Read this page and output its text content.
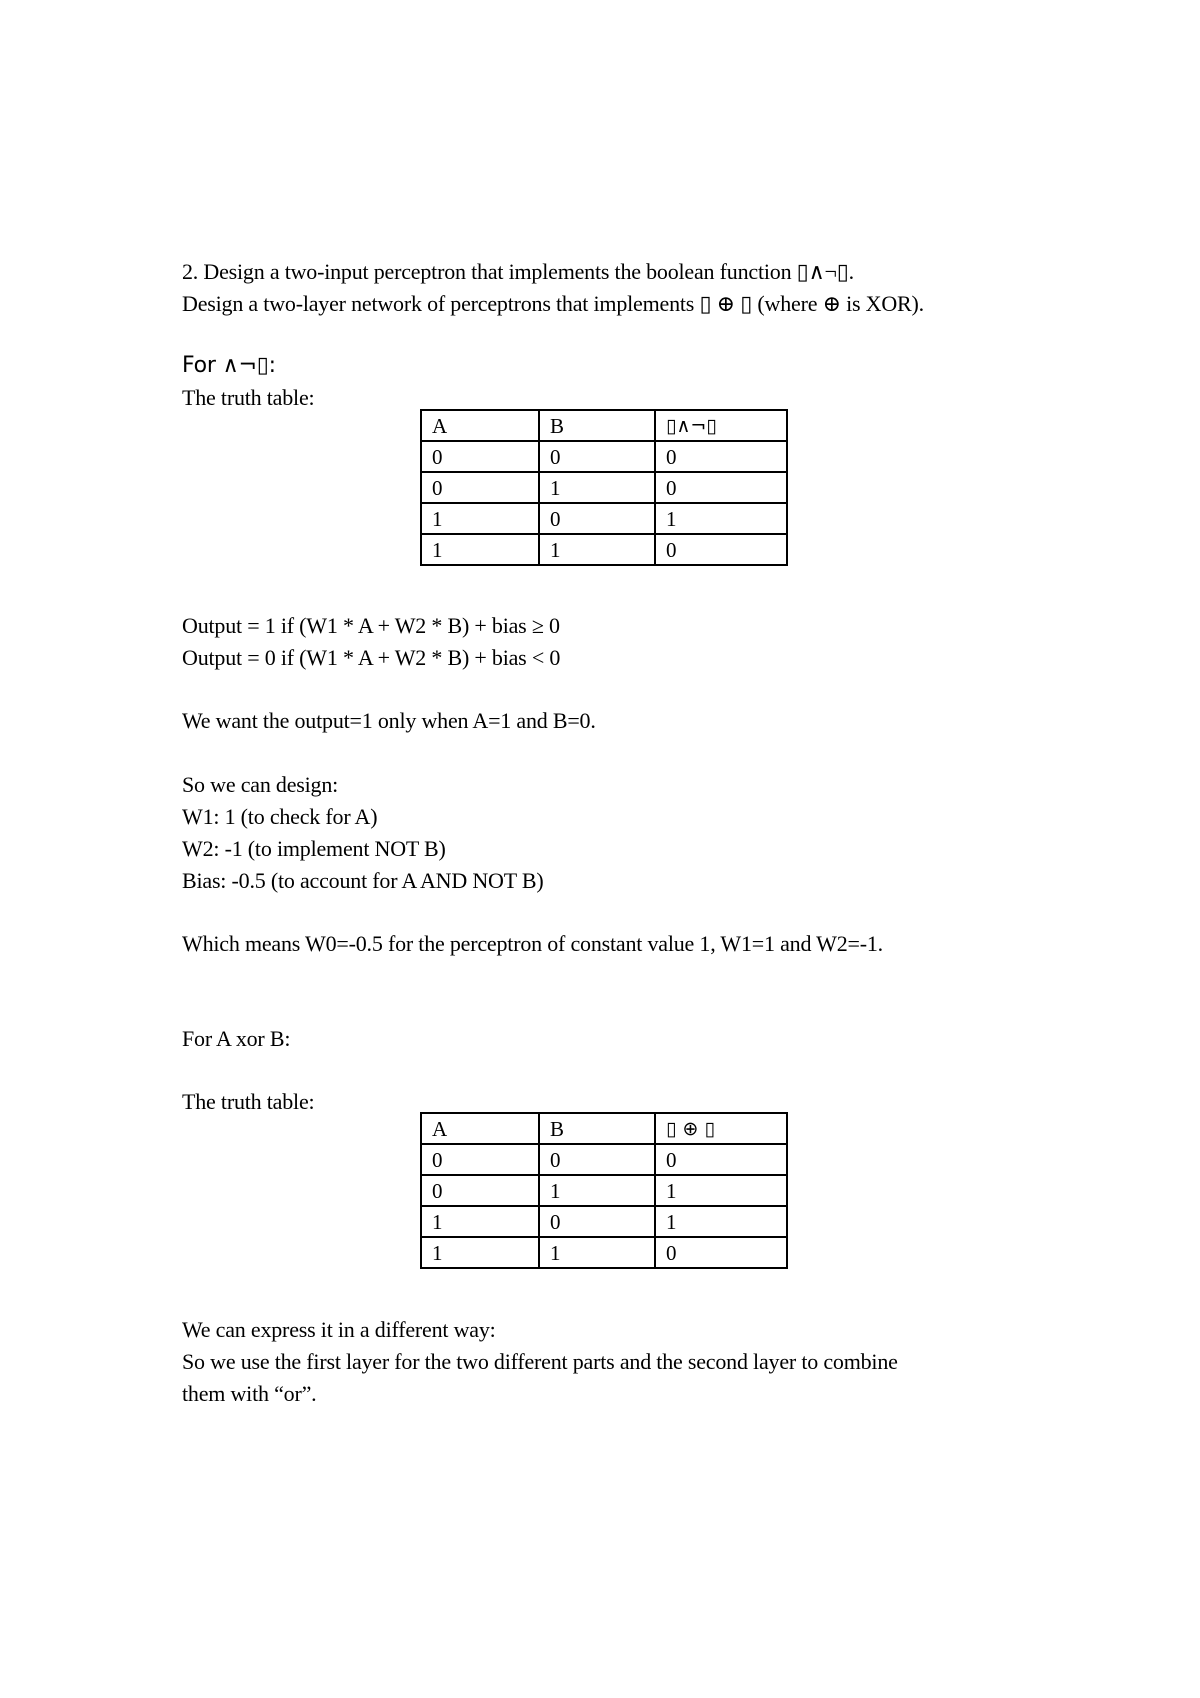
2. Design a two-input perceptron that implements the boolean function ▯∧¬▯.
Design a two-layer network of perceptrons that implements ▯ ⊕ ▯ (where ⊕ is XOR).
For ∧¬▯:
The truth table:
A	B	▯∧¬▯
0	0	0
0	1	0
1	0	1
1	1	0
Output = 1 if (W1 * A + W2 * B) + bias ≥ 0
Output = 0 if (W1 * A + W2 * B) + bias < 0
We want the output=1 only when A=1 and B=0.
So we can design:
W1: 1 (to check for A)
W2: -1 (to implement NOT B)
Bias: -0.5 (to account for A AND NOT B)
Which means W0=-0.5 for the perceptron of constant value 1, W1=1 and W2=-1.
For A xor B:
The truth table:
A	B	▯ ⊕ ▯
0	0	0
0	1	1
1	0	1
1	1	0
We can express it in a different way:
So we use the first layer for the two different parts and the second layer to combine
them with “or”.
